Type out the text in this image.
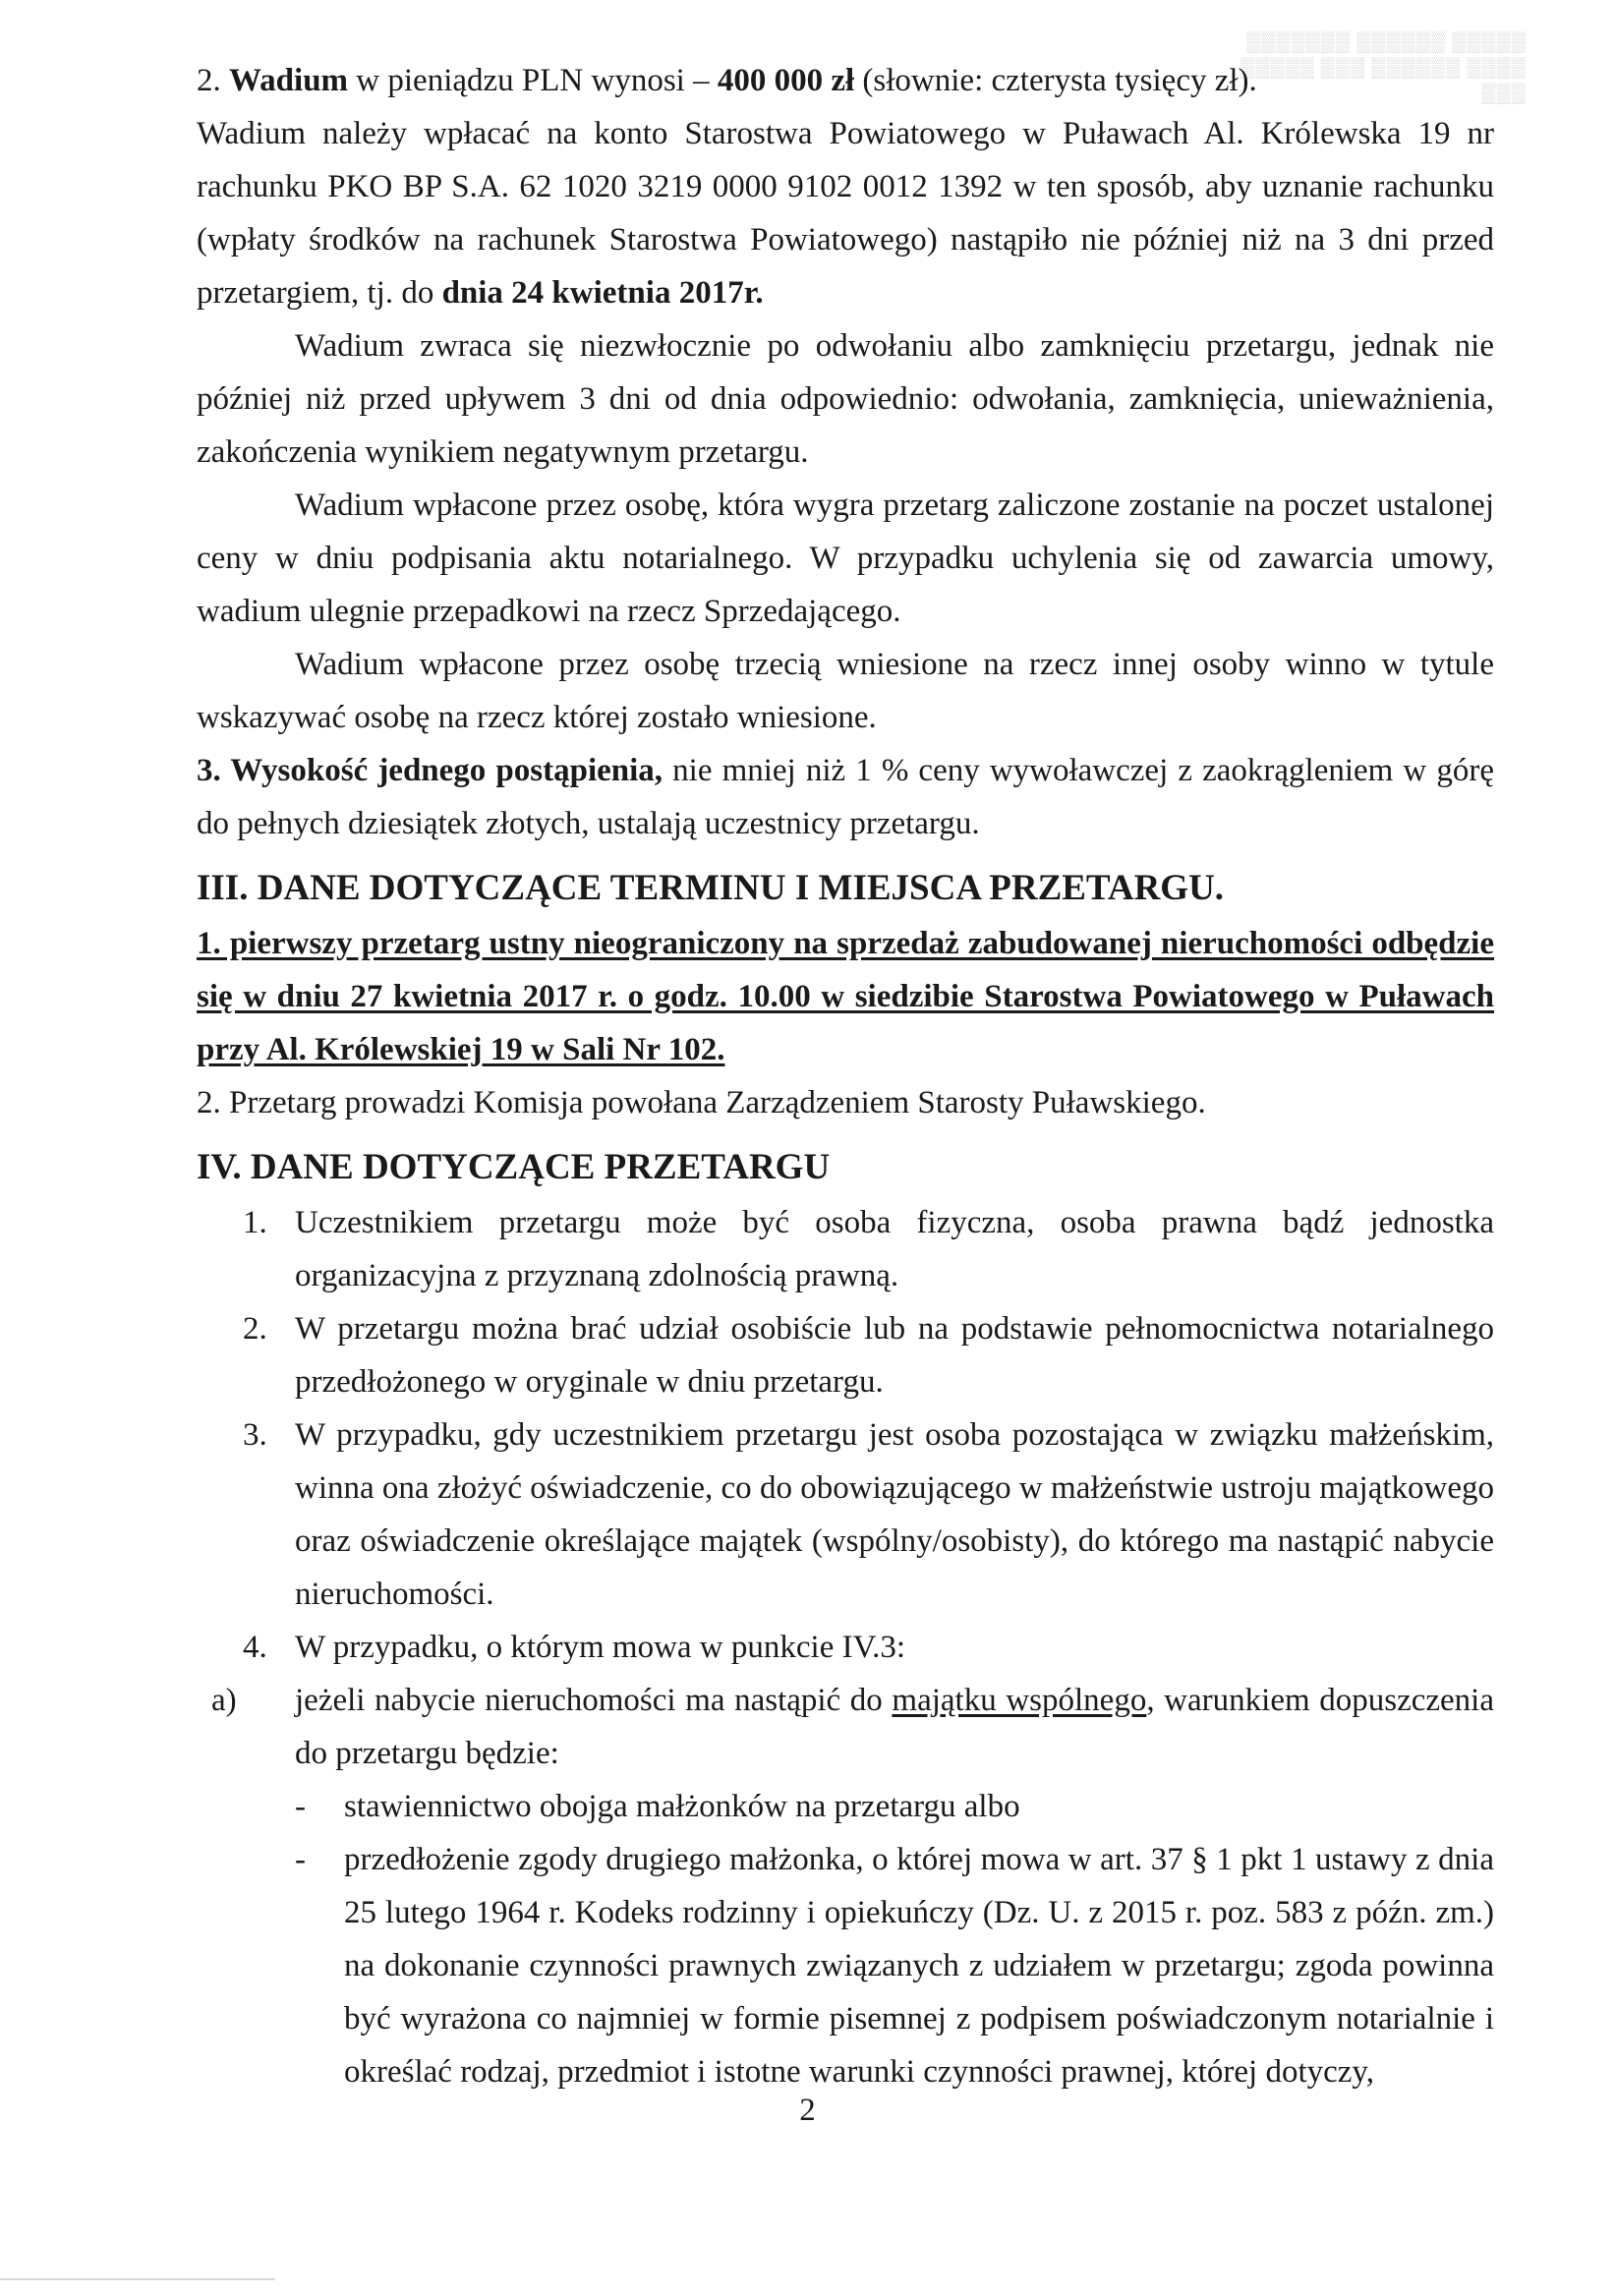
▒▒▒▒▒▒▒ ▒▒▒▒▒▒ ▒▒▒▒▒
▒▒▒▒▒ ▒▒▒ ▒▒▒▒▒▒ ▒▒▒▒
▒▒▒

2. Wadium w pieniądzu PLN wynosi – 400 000 zł (słownie: czterysta tysięcy zł).

Wadium należy wpłacać na konto Starostwa Powiatowego w Puławach Al. Królewska 19 nr rachunku PKO BP S.A. 62 1020 3219 0000 9102 0012 1392 w ten sposób, aby uznanie rachunku (wpłaty środków na rachunek Starostwa Powiatowego) nastąpiło nie później niż na 3 dni przed przetargiem, tj. do dnia 24 kwietnia 2017r.

Wadium zwraca się niezwłocznie po odwołaniu albo zamknięciu przetargu, jednak nie później niż przed upływem 3 dni od dnia odpowiednio: odwołania, zamknięcia, unieważnienia, zakończenia wynikiem negatywnym przetargu.

Wadium wpłacone przez osobę, która wygra przetarg zaliczone zostanie na poczet ustalonej ceny w dniu podpisania aktu notarialnego. W przypadku uchylenia się od zawarcia umowy, wadium ulegnie przepadkowi na rzecz Sprzedającego.

Wadium wpłacone przez osobę trzecią wniesione na rzecz innej osoby winno w tytule wskazywać osobę na rzecz której zostało wniesione.

3. Wysokość jednego postąpienia, nie mniej niż 1 % ceny wywoławczej z zaokrągleniem w górę do pełnych dziesiątek złotych, ustalają uczestnicy przetargu.

III. DANE DOTYCZĄCE TERMINU I MIEJSCA PRZETARGU.

1. pierwszy przetarg ustny nieograniczony na sprzedaż zabudowanej nieruchomości odbędzie się w dniu 27 kwietnia 2017 r. o godz. 10.00 w siedzibie Starostwa Powiatowego w Puławach przy Al. Królewskiej 19 w Sali Nr 102.

2. Przetarg prowadzi Komisja powołana Zarządzeniem Starosty Puławskiego.

IV. DANE DOTYCZĄCE PRZETARGU
1. Uczestnikiem przetargu może być osoba fizyczna, osoba prawna bądź jednostka organizacyjna z przyznaną zdolnością prawną.
2. W przetargu można brać udział osobiście lub na podstawie pełnomocnictwa notarialnego przedłożonego w oryginale w dniu przetargu.
3. W przypadku, gdy uczestnikiem przetargu jest osoba pozostająca w związku małżeńskim, winna ona złożyć oświadczenie, co do obowiązującego w małżeństwie ustroju majątkowego oraz oświadczenie określające majątek (wspólny/osobisty), do którego ma nastąpić nabycie nieruchomości.
4. W przypadku, o którym mowa w punkcie IV.3:
a) jeżeli nabycie nieruchomości ma nastąpić do majątku wspólnego, warunkiem dopuszczenia do przetargu będzie:
- stawiennictwo obojga małżonków na przetargu albo
- przedłożenie zgody drugiego małżonka, o której mowa w art. 37 § 1 pkt 1 ustawy z dnia 25 lutego 1964 r. Kodeks rodzinny i opiekuńczy (Dz. U. z 2015 r. poz. 583 z późn. zm.) na dokonanie czynności prawnych związanych z udziałem w przetargu; zgoda powinna być wyrażona co najmniej w formie pisemnej z podpisem poświadczonym notarialnie i określać rodzaj, przedmiot i istotne warunki czynności prawnej, której dotyczy,
2
